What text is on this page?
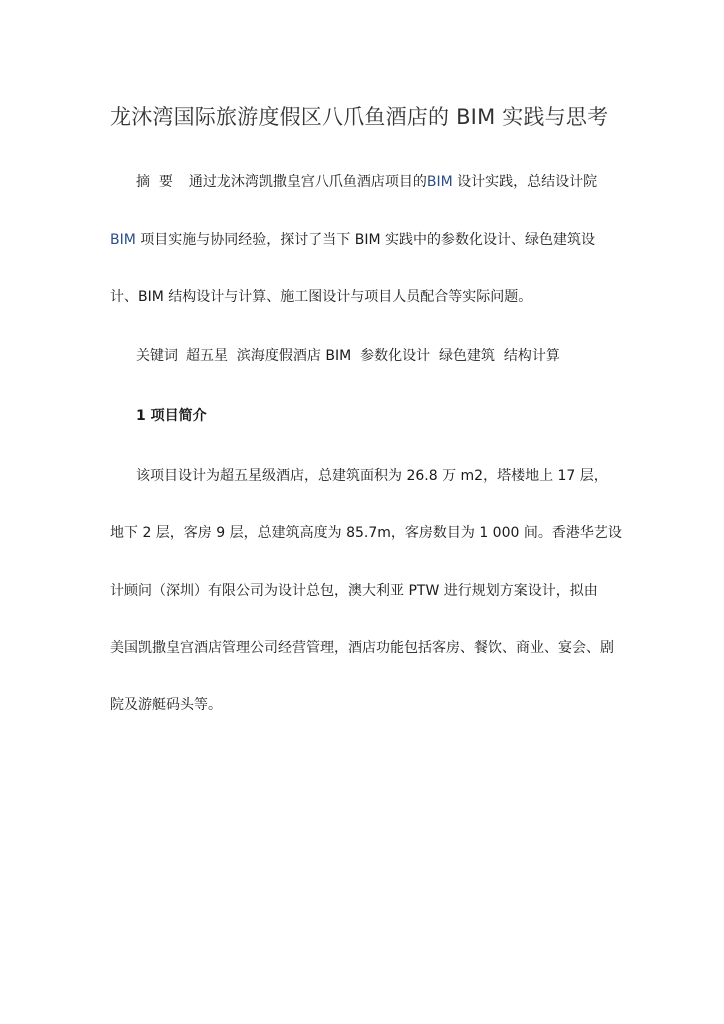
龙沐湾国际旅游度假区八爪鱼酒店的 BIM 实践与思考
摘  要 通过龙沐湾凯撒皇宫八爪鱼酒店项目的BIM 设计实践，总结设计院
BIM 项目实施与协同经验，探讨了当下 BIM 实践中的参数化设计、绿色建筑设
计、BIM 结构设计与计算、施工图设计与项目人员配合等实际问题。
关键词 超五星  滨海度假酒店 BIM  参数化设计  绿色建筑  结构计算
1 项目简介
该项目设计为超五星级酒店，总建筑面积为 26.8 万 m2，塔楼地上 17 层，
地下 2 层，客房 9 层，总建筑高度为 85.7m，客房数目为 1 000 间。香港华艺设
计顾问（深圳）有限公司为设计总包，澳大利亚 PTW 进行规划方案设计，拟由
美国凯撒皇宫酒店管理公司经营管理，酒店功能包括客房、餐饮、商业、宴会、剧
院及游艇码头等。
